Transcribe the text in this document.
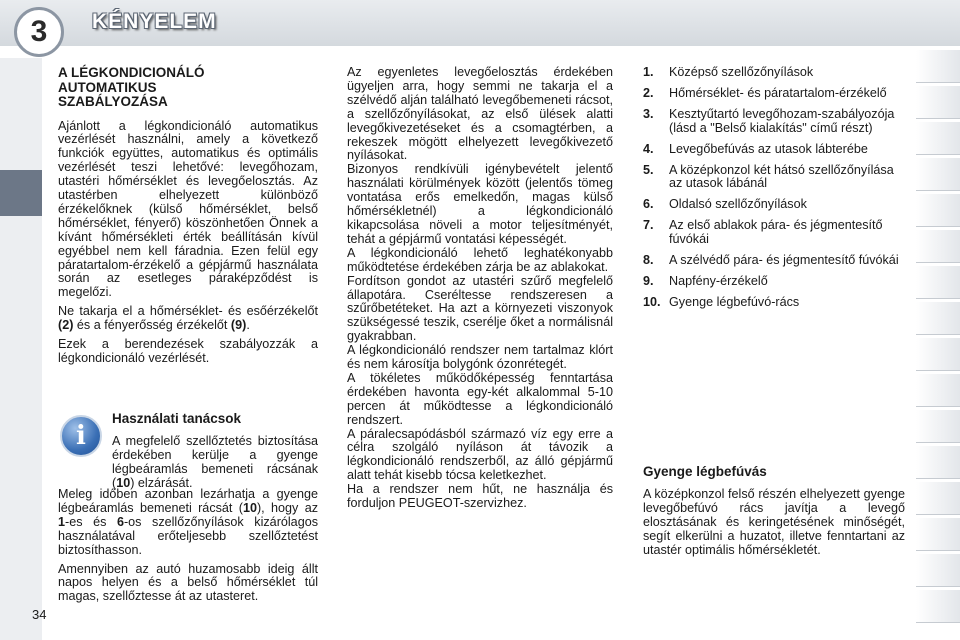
3	KÉNYELEM
A LÉGKONDICIONÁLÓ AUTOMATIKUS SZABÁLYOZÁSA

Ajánlott a légkondicionáló automatikus vezérlését használni, amely a következő funkciók együttes, automatikus és optimális vezérlését teszi lehetővé: levegőhozam, utastéri hőmérséklet és levegőelosztás. Az utastérben elhelyezett különböző érzékelőknek (külső hőmérséklet, belső hőmérséklet, fényerő) köszönhetően Önnek a kívánt hőmérsékleti érték beállításán kívül egyébbel nem kell fáradnia. Ezen felül egy páratartalom-érzékelő a gépjármű használata során az esetleges páraképződést is megelőzi.

Ne takarja el a hőmérséklet- és esőérzékelőt (2) és a fényerősség érzékelőt (9).

Ezek a berendezések szabályozzák a légkondicionáló vezérlését.

i
Használati tanácsok

A megfelelő szellőztetés biztosítása érdekében kerülje a gyenge légbeáramlás bemeneti rácsának (10) elzárását.

Meleg időben azonban lezárhatja a gyenge légbeáramlás bemeneti rácsát (10), hogy az 1-es és 6-os szellőzőnyílások kizárólagos használatával erőteljesebb szellőztetést biztosíthasson.

Amennyiben az autó huzamosabb ideig állt napos helyen és a belső hőmérséklet túl magas, szellőztesse át az utasteret.

Az egyenletes levegőelosztás érdekében ügyeljen arra, hogy semmi ne takarja el a szélvédő alján található levegőbemeneti rácsot, a szellőzőnyílásokat, az első ülések alatti levegőkivezetéseket és a csomagtérben, a rekeszek mögött elhelyezett levegőkivezető nyílásokat.

Bizonyos rendkívüli igénybevételt jelentő használati körülmények között (jelentős tömeg vontatása erős emelkedőn, magas külső hőmérsékletnél) a légkondicionáló kikapcsolása növeli a motor teljesítményét, tehát a gépjármű vontatási képességét.

A légkondicionáló lehető leghatékonyabb működtetése érdekében zárja be az ablakokat.

Fordítson gondot az utastéri szűrő megfelelő állapotára. Cseréltesse rendszeresen a szűrőbetéteket. Ha azt a környezeti viszonyok szükségessé teszik, cserélje őket a normálisnál gyakrabban.

A légkondicionáló rendszer nem tartalmaz klórt és nem károsítja bolygónk ózonrétegét.

A tökéletes működőképesség fenntartása érdekében havonta egy-két alkalommal 5-10 percen át működtesse a légkondicionáló rendszert.

A páralecsapódásból származó víz egy erre a célra szolgáló nyíláson át távozik a légkondicionáló rendszerből, az álló gépjármű alatt tehát kisebb tócsa keletkezhet.

Ha a rendszer nem hűt, ne használja és forduljon PEUGEOT-szervizhez.

1.	Középső szellőzőnyílások
2.	Hőmérséklet- és páratartalom-érzékelő
3.	Kesztyűtartó levegőhozam-szabályozója (lásd a "Belső kialakítás" című részt)
4.	Levegőbefúvás az utasok lábterébe
5.	A középkonzol két hátsó szellőzőnyílása az utasok lábánál
6.	Oldalsó szellőzőnyílások
7.	Az első ablakok pára- és jégmentesítő fúvókái
8.	A szélvédő pára- és jégmentesítő fúvókái
9.	Napfény-érzékelő
10. Gyenge légbefúvó-rács
Gyenge légbefúvás

A középkonzol felső részén elhelyezett gyenge levegőbefúvó rács javítja a levegő elosztásának és keringetésének minőségét, segít elkerülni a huzatot, illetve fenntartani az utastér optimális hőmérsékletét.

34
